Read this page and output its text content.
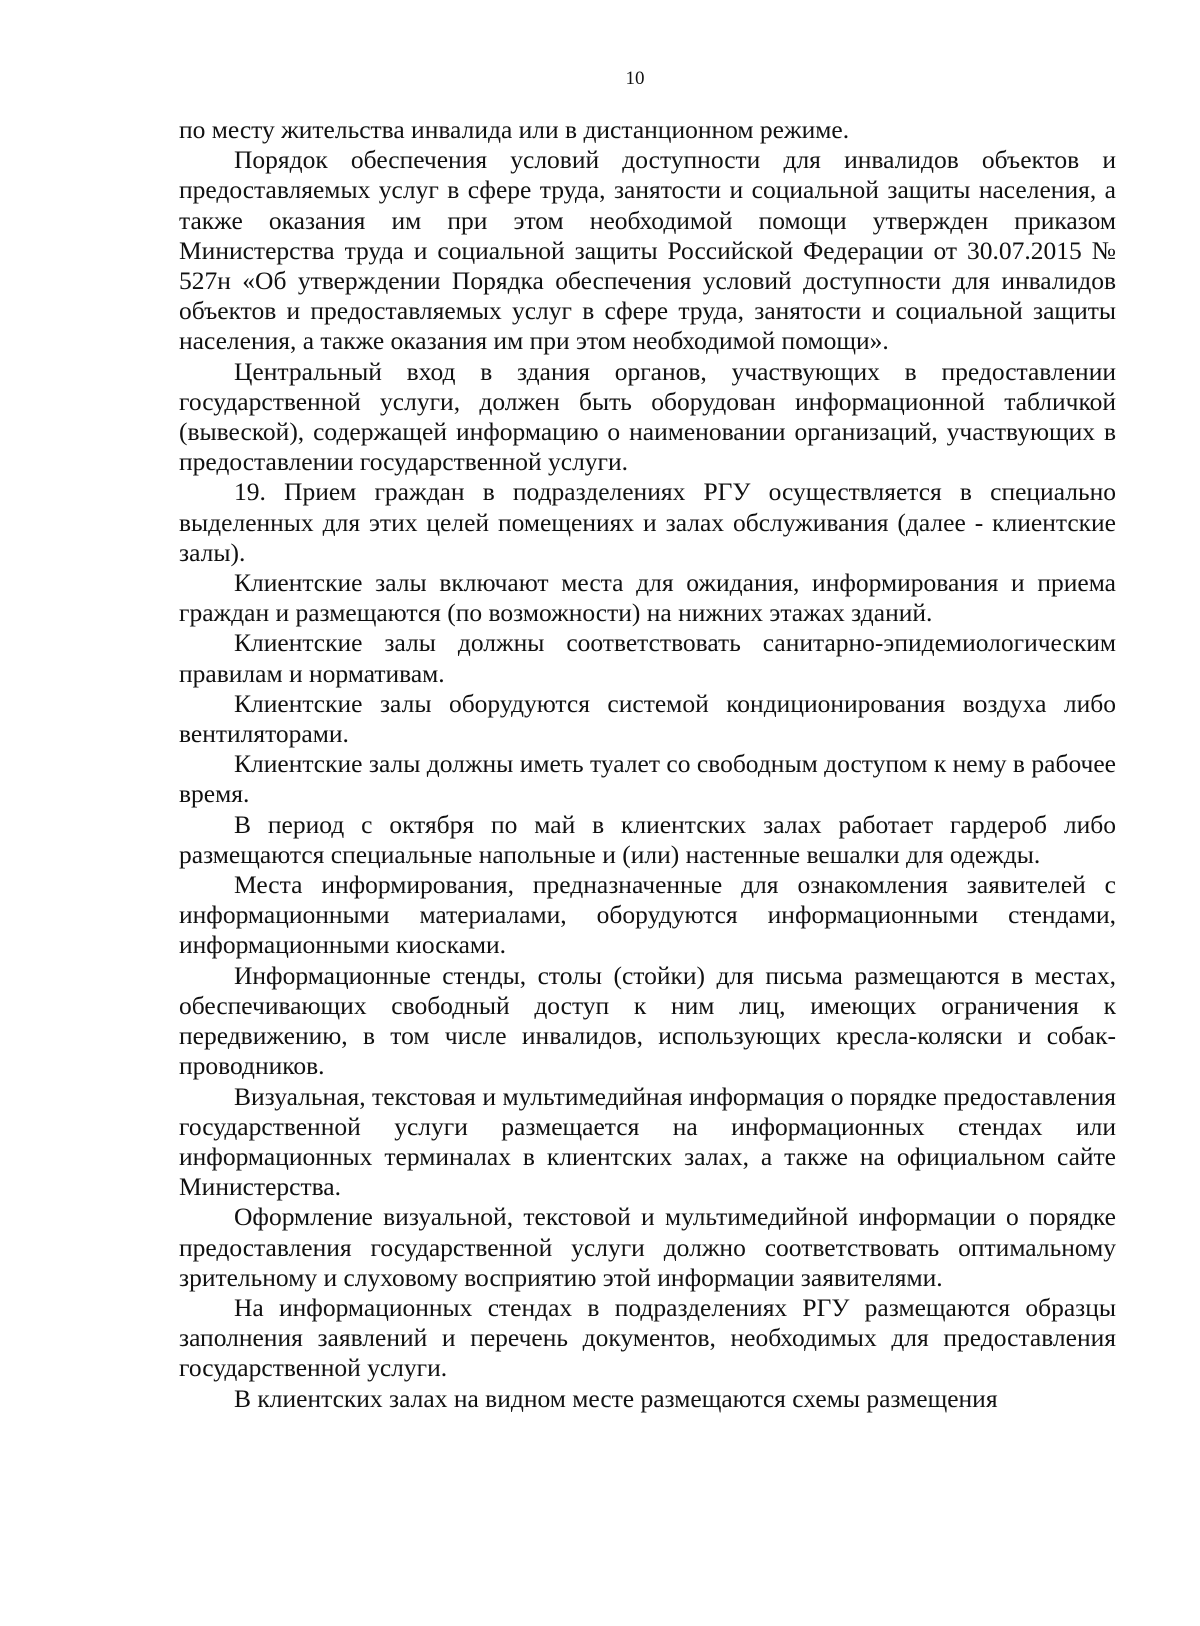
10

по месту жительства инвалида или в дистанционном режиме.

Порядок обеспечения условий доступности для инвалидов объектов и предоставляемых услуг в сфере труда, занятости и социальной защиты населения, а также оказания им при этом необходимой помощи утвержден приказом Министерства труда и социальной защиты Российской Федерации от 30.07.2015 № 527н «Об утверждении Порядка обеспечения условий доступности для инвалидов объектов и предоставляемых услуг в сфере труда, занятости и социальной защиты населения, а также оказания им при этом необходимой помощи».

Центральный вход в здания органов, участвующих в предоставлении государственной услуги, должен быть оборудован информационной табличкой (вывеской), содержащей информацию о наименовании организаций, участвующих в предоставлении государственной услуги.

19. Прием граждан в подразделениях РГУ осуществляется в специально выделенных для этих целей помещениях и залах обслуживания (далее - клиентские залы).

Клиентские залы включают места для ожидания, информирования и приема граждан и размещаются (по возможности) на нижних этажах зданий.

Клиентские залы должны соответствовать санитарно-эпидемиологическим правилам и нормативам.

Клиентские залы оборудуются системой кондиционирования воздуха либо вентиляторами.

Клиентские залы должны иметь туалет со свободным доступом к нему в рабочее время.

В период с октября по май в клиентских залах работает гардероб либо размещаются специальные напольные и (или) настенные вешалки для одежды.

Места информирования, предназначенные для ознакомления заявителей с информационными материалами, оборудуются информационными стендами, информационными киосками.

Информационные стенды, столы (стойки) для письма размещаются в местах, обеспечивающих свободный доступ к ним лиц, имеющих ограничения к передвижению, в том числе инвалидов, использующих кресла-коляски и собак-проводников.

Визуальная, текстовая и мультимедийная информация о порядке предоставления государственной услуги размещается на информационных стендах или информационных терминалах в клиентских залах, а также на официальном сайте Министерства.

Оформление визуальной, текстовой и мультимедийной информации о порядке предоставления государственной услуги должно соответствовать оптимальному зрительному и слуховому восприятию этой информации заявителями.

На информационных стендах в подразделениях РГУ размещаются образцы заполнения заявлений и перечень документов, необходимых для предоставления государственной услуги.

В клиентских залах на видном месте размещаются схемы размещения
